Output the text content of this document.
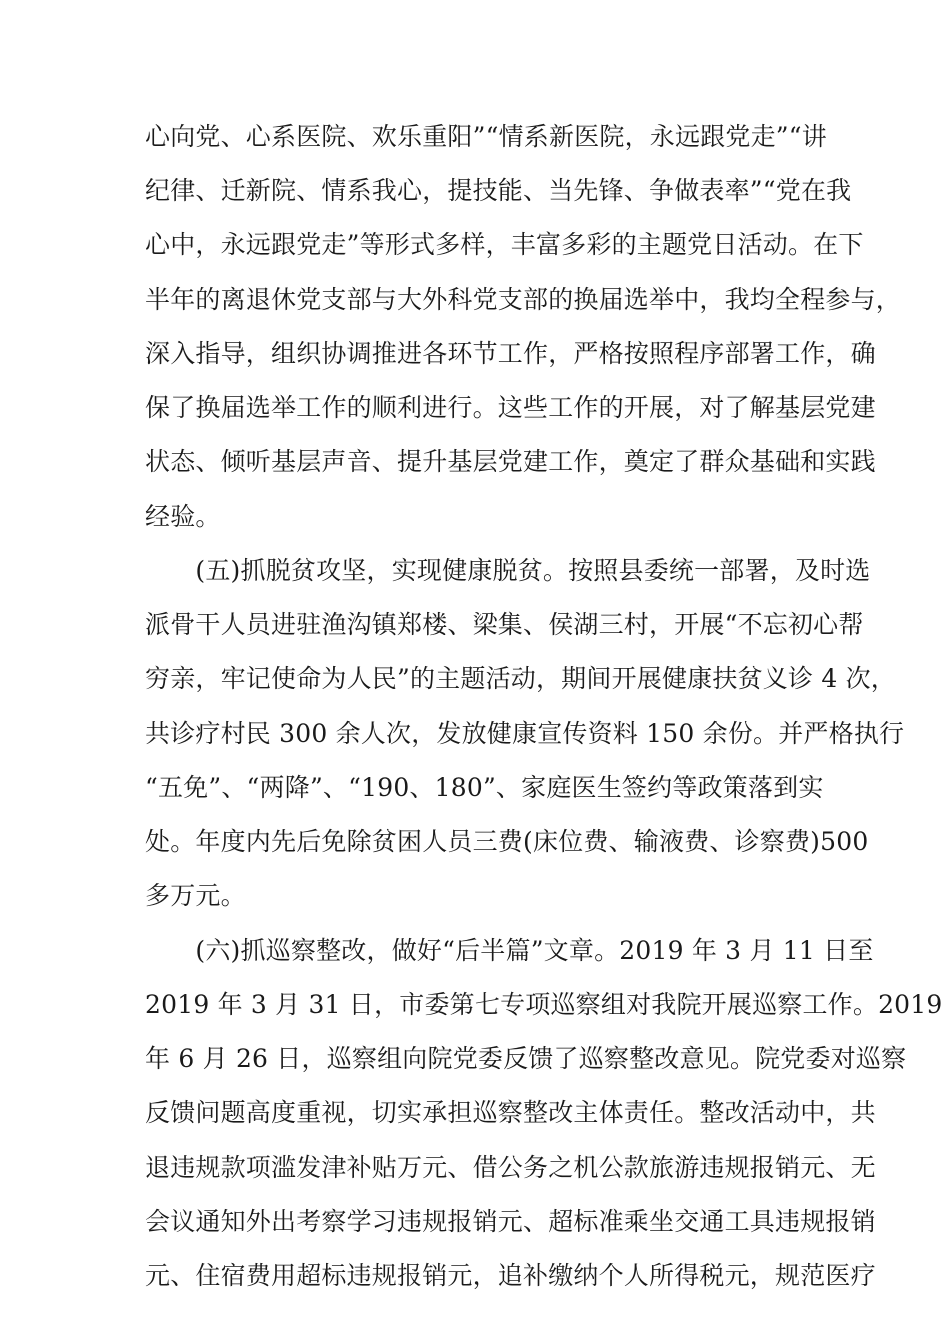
心向党、心系医院、欢乐重阳”“情系新医院，永远跟党走”“讲
纪律、迁新院、情系我心，提技能、当先锋、争做表率”“党在我
心中，永远跟党走”等形式多样，丰富多彩的主题党日活动。在下
半年的离退休党支部与大外科党支部的换届选举中，我均全程参与，
深入指导，组织协调推进各环节工作，严格按照程序部署工作，确
保了换届选举工作的顺利进行。这些工作的开展，对了解基层党建
状态、倾听基层声音、提升基层党建工作，奠定了群众基础和实践
经验。
　　(五)抓脱贫攻坚，实现健康脱贫。按照县委统一部署，及时选
派骨干人员进驻渔沟镇郑楼、梁集、侯湖三村，开展“不忘初心帮
穷亲，牢记使命为人民”的主题活动，期间开展健康扶贫义诊 4 次，
共诊疗村民 300 余人次，发放健康宣传资料 150 余份。并严格执行
“五免”、“两降”、“190、180”、家庭医生签约等政策落到实
处。年度内先后免除贫困人员三费(床位费、输液费、诊察费)500
多万元。
　　(六)抓巡察整改，做好“后半篇”文章。2019 年 3 月 11 日至
2019 年 3 月 31 日，市委第七专项巡察组对我院开展巡察工作。2019
年 6 月 26 日，巡察组向院党委反馈了巡察整改意见。院党委对巡察
反馈问题高度重视，切实承担巡察整改主体责任。整改活动中，共
退违规款项滥发津补贴万元、借公务之机公款旅游违规报销元、无
会议通知外出考察学习违规报销元、超标准乘坐交通工具违规报销
元、住宿费用超标违规报销元，追补缴纳个人所得税元，规范医疗
